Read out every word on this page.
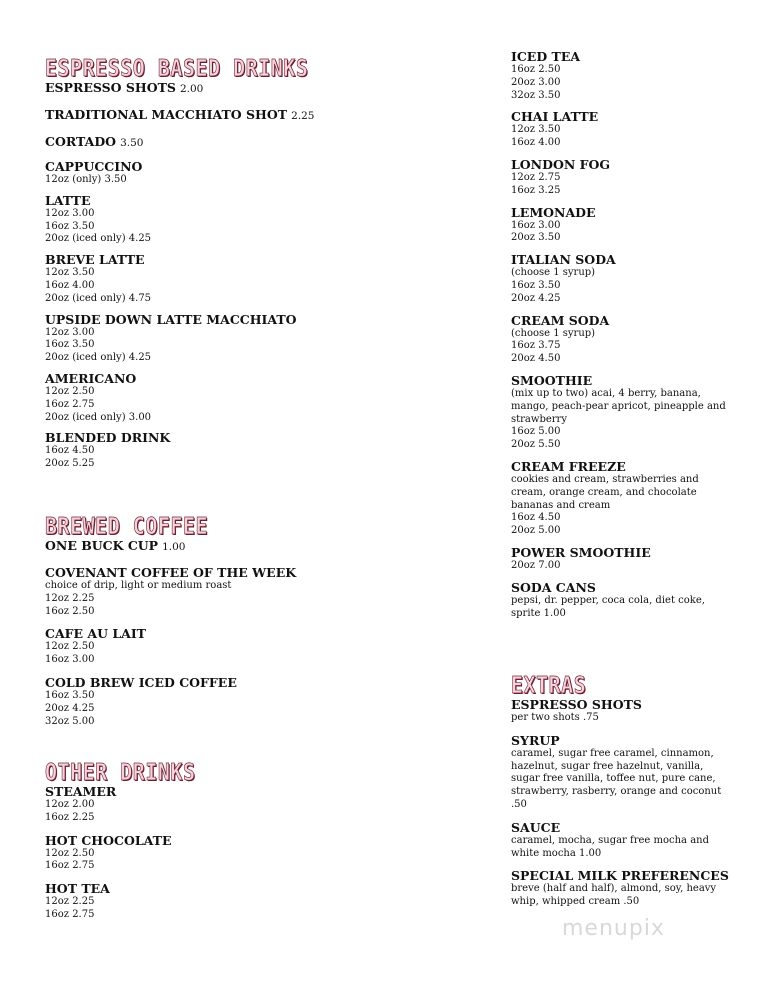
ESPRESSO BASED DRINKS
ESPRESSO SHOTS 2.00
TRADITIONAL MACCHIATO SHOT 2.25
CORTADO 3.50
CAPPUCCINO
12oz (only) 3.50
LATTE
12oz 3.00
16oz 3.50
20oz (iced only) 4.25
BREVE LATTE
12oz 3.50
16oz 4.00
20oz (iced only) 4.75
UPSIDE DOWN LATTE MACCHIATO
12oz 3.00
16oz 3.50
20oz (iced only) 4.25
AMERICANO
12oz 2.50
16oz 2.75
20oz (iced only) 3.00
BLENDED DRINK
16oz 4.50
20oz 5.25
BREWED COFFEE
ONE BUCK CUP 1.00
COVENANT COFFEE OF THE WEEK
choice of drip, light or medium roast
12oz 2.25
16oz 2.50
CAFE AU LAIT
12oz 2.50
16oz 3.00
COLD BREW ICED COFFEE
16oz 3.50
20oz 4.25
32oz 5.00
OTHER DRINKS
STEAMER
12oz 2.00
16oz 2.25
HOT CHOCOLATE
12oz 2.50
16oz 2.75
HOT TEA
12oz 2.25
16oz 2.75
ICED TEA
16oz 2.50
20oz 3.00
32oz 3.50
CHAI LATTE
12oz 3.50
16oz 4.00
LONDON FOG
12oz 2.75
16oz 3.25
LEMONADE
16oz 3.00
20oz 3.50
ITALIAN SODA
(choose 1 syrup)
16oz 3.50
20oz 4.25
CREAM SODA
(choose 1 syrup)
16oz 3.75
20oz 4.50
SMOOTHIE
(mix up to two) acai, 4 berry, banana,
mango, peach-pear apricot, pineapple and
strawberry
16oz 5.00
20oz 5.50
CREAM FREEZE
cookies and cream, strawberries and
cream, orange cream, and chocolate
bananas and cream
16oz 4.50
20oz 5.00
POWER SMOOTHIE
20oz 7.00
SODA CANS
pepsi, dr. pepper, coca cola, diet coke,
sprite 1.00
EXTRAS
ESPRESSO SHOTS
per two shots .75
SYRUP
caramel, sugar free caramel, cinnamon,
hazelnut, sugar free hazelnut, vanilla,
sugar free vanilla, toffee nut, pure cane,
strawberry, rasberry, orange and coconut
.50
SAUCE
caramel, mocha, sugar free mocha and
white mocha 1.00
SPECIAL MILK PREFERENCES
breve (half and half), almond, soy, heavy
whip, whipped cream .50
menupix
